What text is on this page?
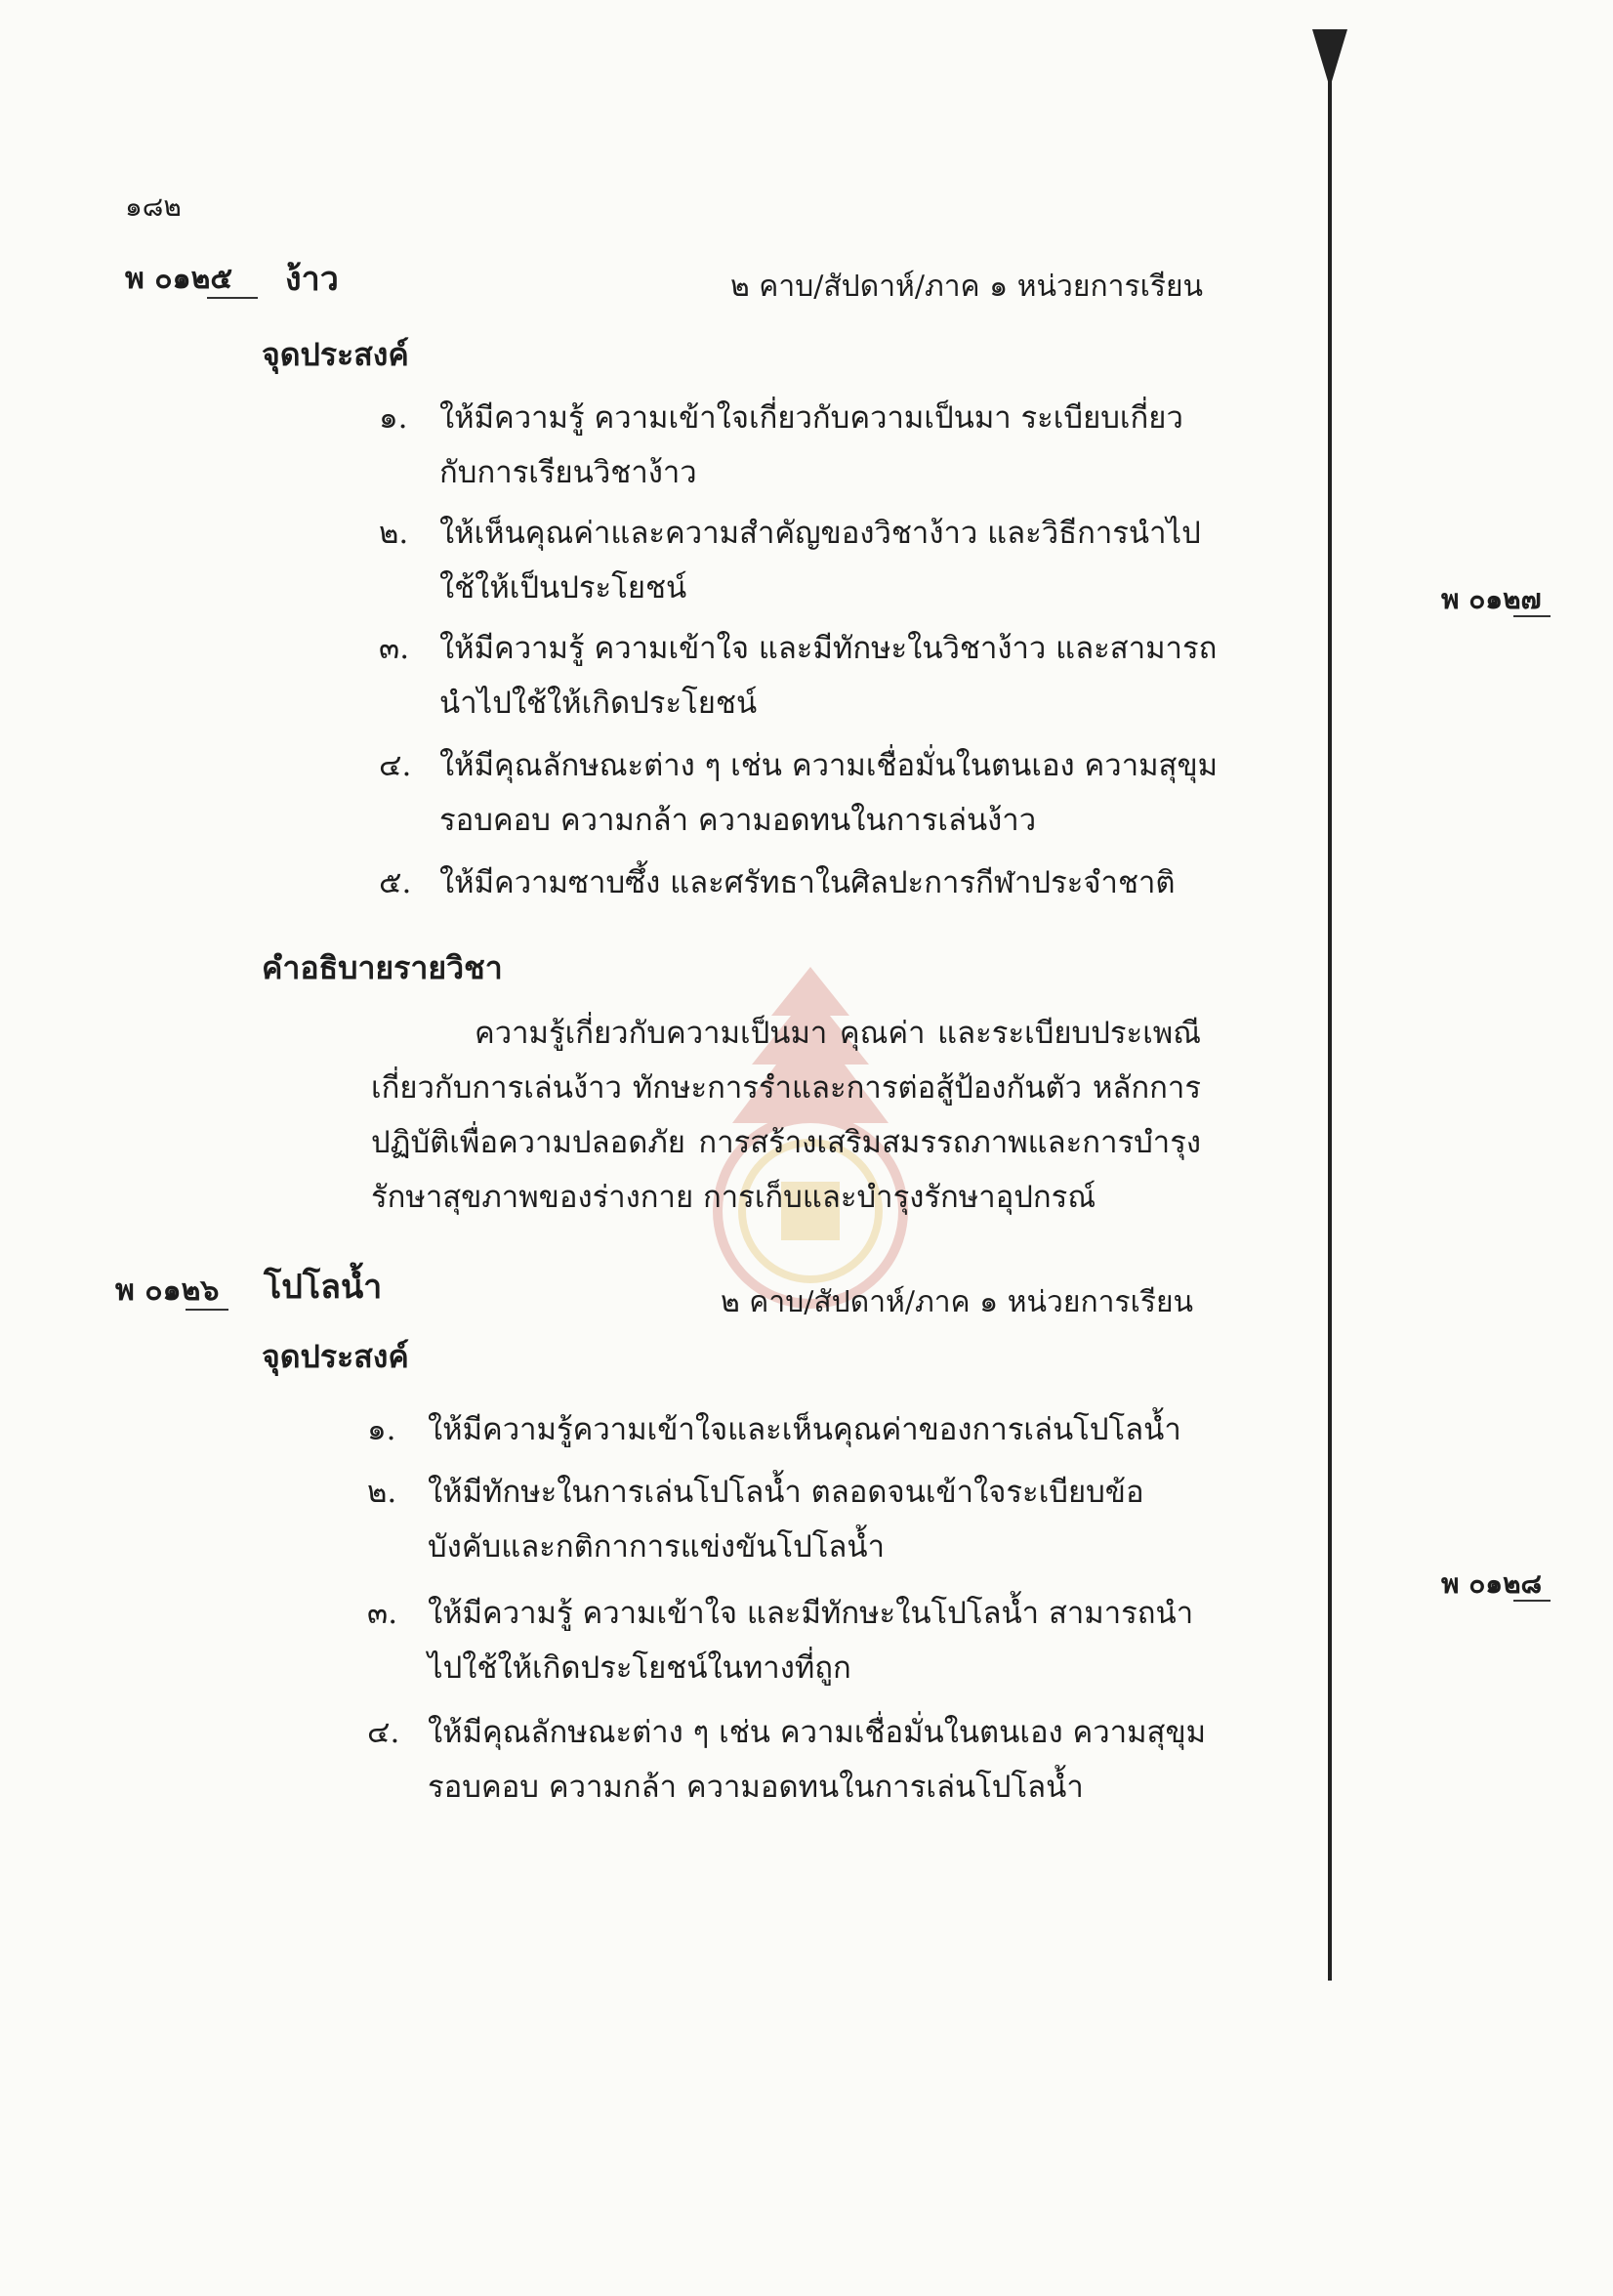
๑๘๒
พ ๐๑๒๕ ง้าว	๒ คาบ/สัปดาห์/ภาค ๑ หน่วยการเรียน
จุดประสงค์
๑.	ให้มีความรู้ ความเข้าใจเกี่ยวกับความเป็นมา ระเบียบเกี่ยวกับการเรียนวิชาง้าว
๒.	ให้เห็นคุณค่าและความสำคัญของวิชาง้าว และวิธีการนำไปใช้ให้เป็นประโยชน์
๓. ให้มีความรู้ ความเข้าใจ และมีทักษะในวิชาง้าว และสามารถนำไปใช้ให้เกิดประโยชน์
๔. ให้มีคุณลักษณะต่าง ๆ เช่น ความเชื่อมั่นในตนเอง ความสุขุมรอบคอบ ความกล้า ความอดทนในการเล่นง้าว
๕. ให้มีความซาบซึ้ง และศรัทธาในศิลปะการกีฬาประจำชาติ
คำอธิบายรายวิชา
ความรู้เกี่ยวกับความเป็นมา คุณค่า และระเบียบประเพณีเกี่ยวกับการเล่นง้าว ทักษะการรำและการต่อสู้ป้องกันตัว หลักการปฏิบัติเพื่อความปลอดภัย การสร้างเสริมสมรรถภาพและการบำรุงรักษาสุขภาพของร่างกาย การเก็บและบำรุงรักษาอุปกรณ์
พ ๐๑๒๖ โปโลน้ำ	๒ คาบ/สัปดาห์/ภาค ๑ หน่วยการเรียน
จุดประสงค์
๑.	ให้มีความรู้ความเข้าใจและเห็นคุณค่าของการเล่นโปโลน้ำ
๒.	ให้มีทักษะในการเล่นโปโลน้ำ ตลอดจนเข้าใจระเบียบข้อบังคับและกติกาการแข่งขันโปโลน้ำ
๓. ให้มีความรู้ ความเข้าใจ และมีทักษะในโปโลน้ำ สามารถนำไปใช้ให้เกิดประโยชน์ในทางที่ถูก
๔. ให้มีคุณลักษณะต่าง ๆ เช่น ความเชื่อมั่นในตนเอง ความสุขุมรอบคอบ ความกล้า ความอดทนในการเล่นโปโลน้ำ
พ ๐๑๒๗
พ ๐๑๒๘
